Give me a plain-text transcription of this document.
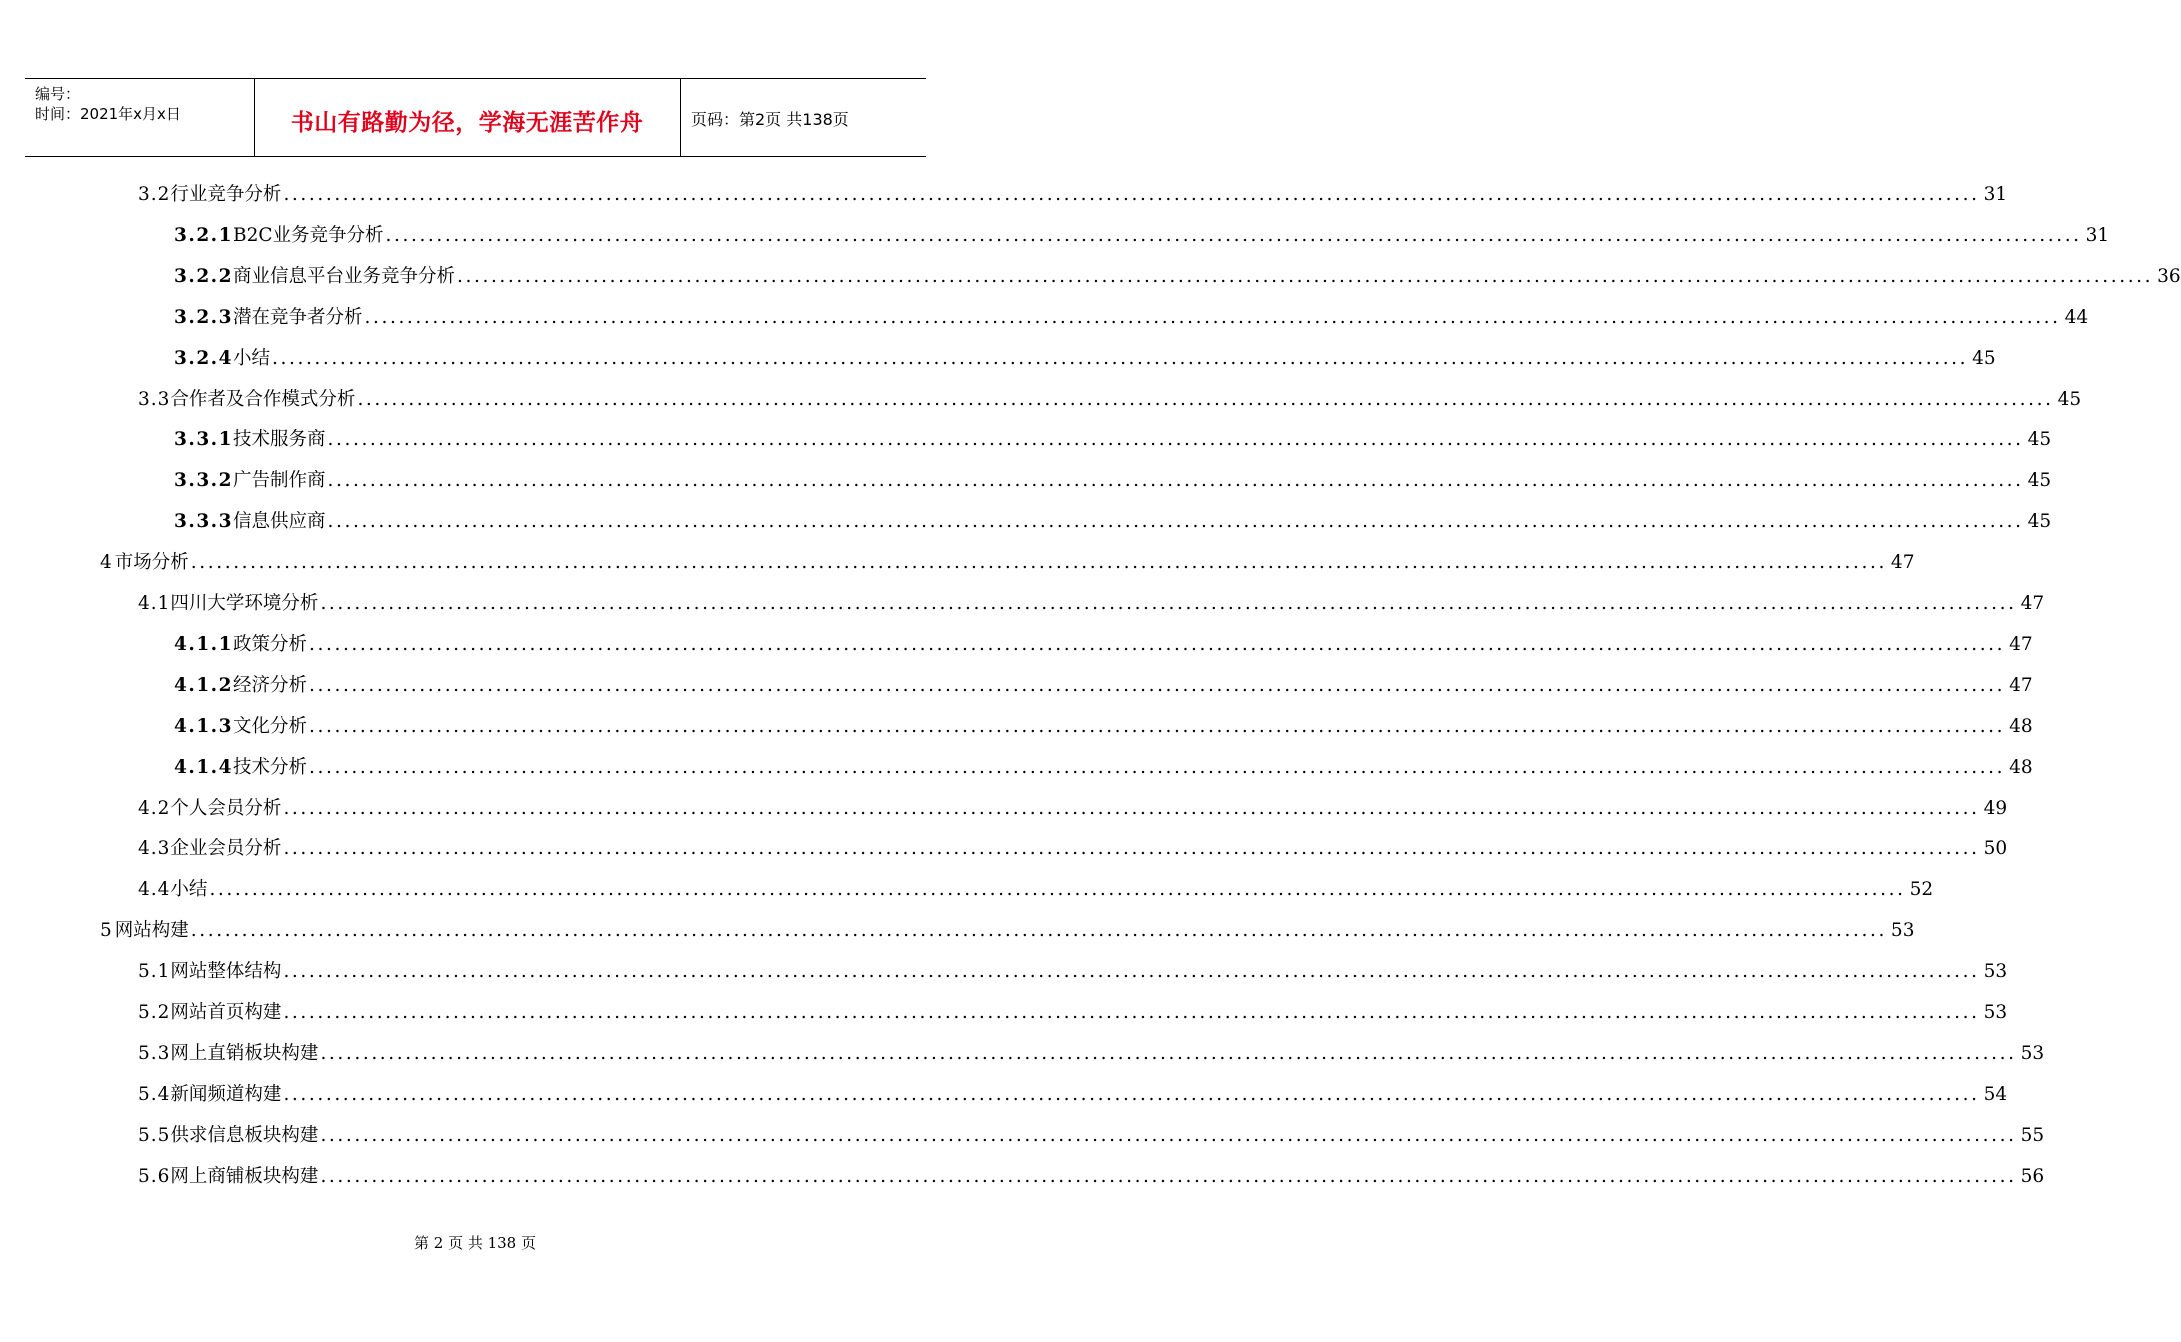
编号：
时间：2021年x月x日	书山有路勤为径，学海无涯苦作舟	页码：第2页 共138页
3.2 行业竞争分析 ........................................................................................................................................................................................................ 31
3.2.1 B2C业务竞争分析 ........................................................................................................................................................................................................ 31
3.2.2 商业信息平台业务竞争分析 ........................................................................................................................................................................................................ 36
3.2.3 潜在竞争者分析 ........................................................................................................................................................................................................ 44
3.2.4 小结 ........................................................................................................................................................................................................ 45
3.3 合作者及合作模式分析 ........................................................................................................................................................................................................ 45
3.3.1 技术服务商 ........................................................................................................................................................................................................ 45
3.3.2 广告制作商 ........................................................................................................................................................................................................ 45
3.3.3 信息供应商 ........................................................................................................................................................................................................ 45
4 市场分析 ........................................................................................................................................................................................................ 47
4.1 四川大学环境分析 ........................................................................................................................................................................................................ 47
4.1.1 政策分析 ........................................................................................................................................................................................................ 47
4.1.2 经济分析 ........................................................................................................................................................................................................ 47
4.1.3 文化分析 ........................................................................................................................................................................................................ 48
4.1.4 技术分析 ........................................................................................................................................................................................................ 48
4.2 个人会员分析 ........................................................................................................................................................................................................ 49
4.3 企业会员分析 ........................................................................................................................................................................................................ 50
4.4 小结 ........................................................................................................................................................................................................ 52
5 网站构建 ........................................................................................................................................................................................................ 53
5.1 网站整体结构 ........................................................................................................................................................................................................ 53
5.2 网站首页构建 ........................................................................................................................................................................................................ 53
5.3 网上直销板块构建 ........................................................................................................................................................................................................ 53
5.4 新闻频道构建 ........................................................................................................................................................................................................ 54
5.5 供求信息板块构建 ........................................................................................................................................................................................................ 55
5.6 网上商铺板块构建 ........................................................................................................................................................................................................ 56
第 2 页 共 138 页
